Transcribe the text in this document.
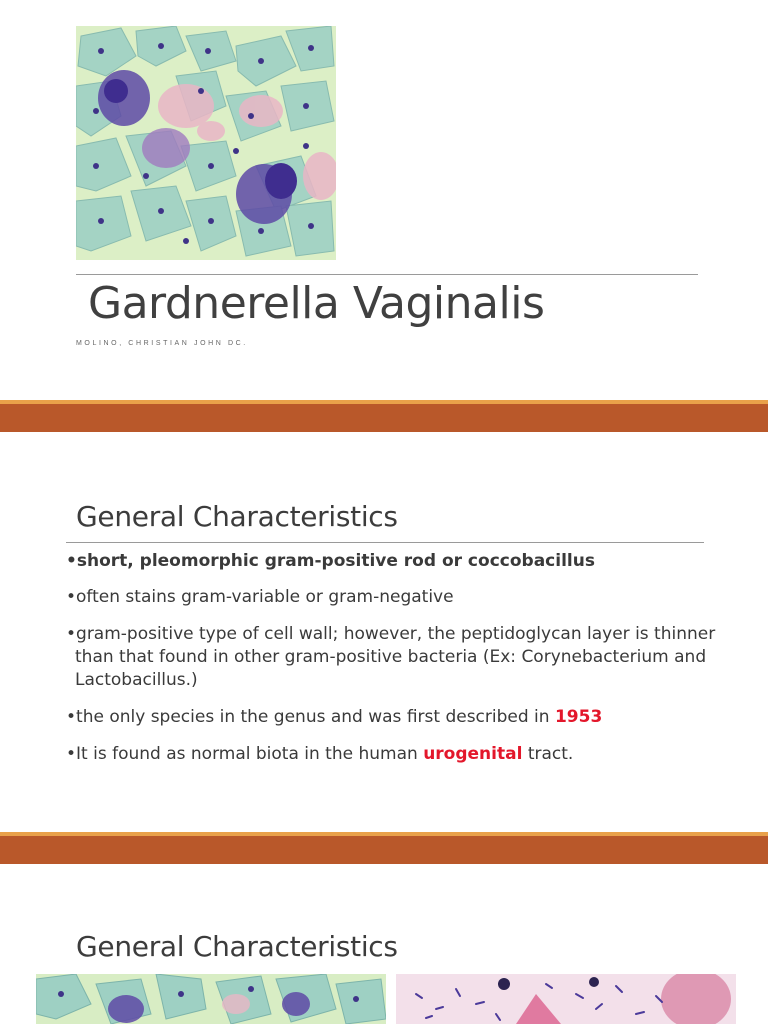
Gardnerella Vaginalis
MOLINO, CHRISTIAN JOHN DC.
General Characteristics
•short, pleomorphic gram-positive rod or coccobacillus
•often stains gram-variable or gram-negative
•gram-positive type of cell wall; however, the peptidoglycan layer is thinner than that found in other gram-positive bacteria (Ex: Corynebacterium and Lactobacillus.)
•the only species in the genus and was first described in 1953
•It is found as normal biota in the human urogenital tract.
General Characteristics
